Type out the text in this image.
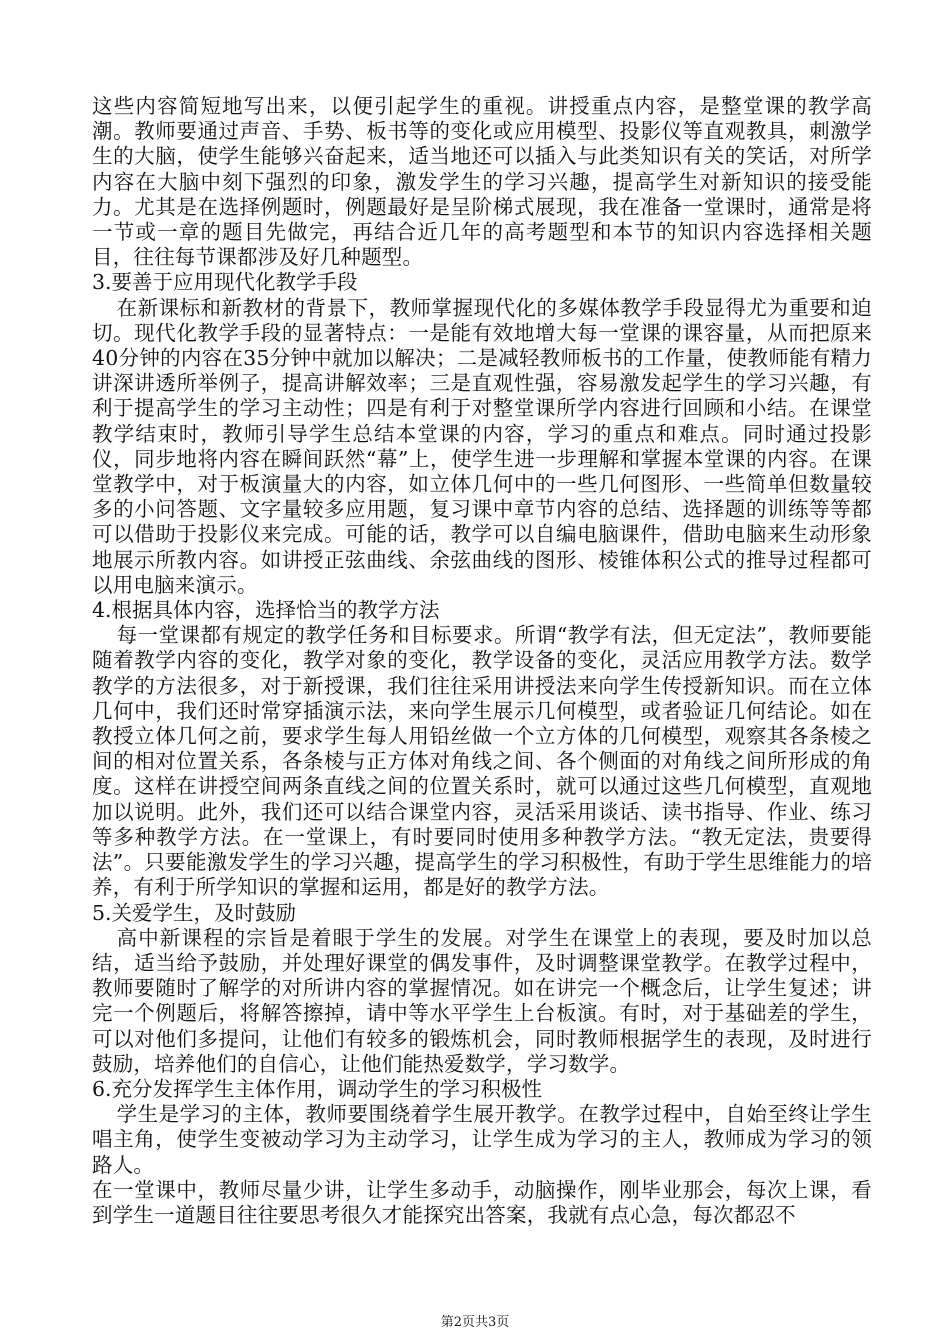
这些内容简短地写出来，以便引起学生的重视。讲授重点内容，是整堂课的教学高潮。教师要通过声音、手势、板书等的变化或应用模型、投影仪等直观教具，刺激学生的大脑，使学生能够兴奋起来，适当地还可以插入与此类知识有关的笑话，对所学内容在大脑中刻下强烈的印象，激发学生的学习兴趣，提高学生对新知识的接受能力。尤其是在选择例题时，例题最好是呈阶梯式展现，我在准备一堂课时，通常是将一节或一章的题目先做完，再结合近几年的高考题型和本节的知识内容选择相关题目，往往每节课都涉及好几种题型。

3.要善于应用现代化教学手段

在新课标和新教材的背景下，教师掌握现代化的多媒体教学手段显得尤为重要和迫切。现代化教学手段的显著特点：一是能有效地增大每一堂课的课容量，从而把原来40分钟的内容在35分钟中就加以解决；二是减轻教师板书的工作量，使教师能有精力讲深讲透所举例子，提高讲解效率；三是直观性强，容易激发起学生的学习兴趣，有利于提高学生的学习主动性；四是有利于对整堂课所学内容进行回顾和小结。在课堂教学结束时，教师引导学生总结本堂课的内容，学习的重点和难点。同时通过投影仪，同步地将内容在瞬间跃然“幕”上，使学生进一步理解和掌握本堂课的内容。在课堂教学中，对于板演量大的内容，如立体几何中的一些几何图形、一些简单但数量较多的小问答题、文字量较多应用题，复习课中章节内容的总结、选择题的训练等等都可以借助于投影仪来完成。可能的话，教学可以自编电脑课件，借助电脑来生动形象地展示所教内容。如讲授正弦曲线、余弦曲线的图形、棱锥体积公式的推导过程都可以用电脑来演示。

4.根据具体内容，选择恰当的教学方法

每一堂课都有规定的教学任务和目标要求。所谓“教学有法，但无定法”，教师要能随着教学内容的变化，教学对象的变化，教学设备的变化，灵活应用教学方法。数学教学的方法很多，对于新授课，我们往往采用讲授法来向学生传授新知识。而在立体几何中，我们还时常穿插演示法，来向学生展示几何模型，或者验证几何结论。如在教授立体几何之前，要求学生每人用铅丝做一个立方体的几何模型，观察其各条棱之间的相对位置关系，各条棱与正方体对角线之间、各个侧面的对角线之间所形成的角度。这样在讲授空间两条直线之间的位置关系时，就可以通过这些几何模型，直观地加以说明。此外，我们还可以结合课堂内容，灵活采用谈话、读书指导、作业、练习等多种教学方法。在一堂课上，有时要同时使用多种教学方法。“教无定法，贵要得法”。只要能激发学生的学习兴趣，提高学生的学习积极性，有助于学生思维能力的培养，有利于所学知识的掌握和运用，都是好的教学方法。

5.关爱学生，及时鼓励

高中新课程的宗旨是着眼于学生的发展。对学生在课堂上的表现，要及时加以总结，适当给予鼓励，并处理好课堂的偶发事件，及时调整课堂教学。在教学过程中，教师要随时了解学的对所讲内容的掌握情况。如在讲完一个概念后，让学生复述；讲完一个例题后，将解答擦掉，请中等水平学生上台板演。有时，对于基础差的学生，可以对他们多提问，让他们有较多的锻炼机会，同时教师根据学生的表现，及时进行鼓励，培养他们的自信心，让他们能热爱数学，学习数学。

6.充分发挥学生主体作用，调动学生的学习积极性

学生是学习的主体，教师要围绕着学生展开教学。在教学过程中，自始至终让学生唱主角，使学生变被动学习为主动学习，让学生成为学习的主人，教师成为学习的领路人。

在一堂课中，教师尽量少讲，让学生多动手，动脑操作，刚毕业那会，每次上课，看到学生一道题目往往要思考很久才能探究出答案，我就有点心急，每次都忍不

第2页共3页
